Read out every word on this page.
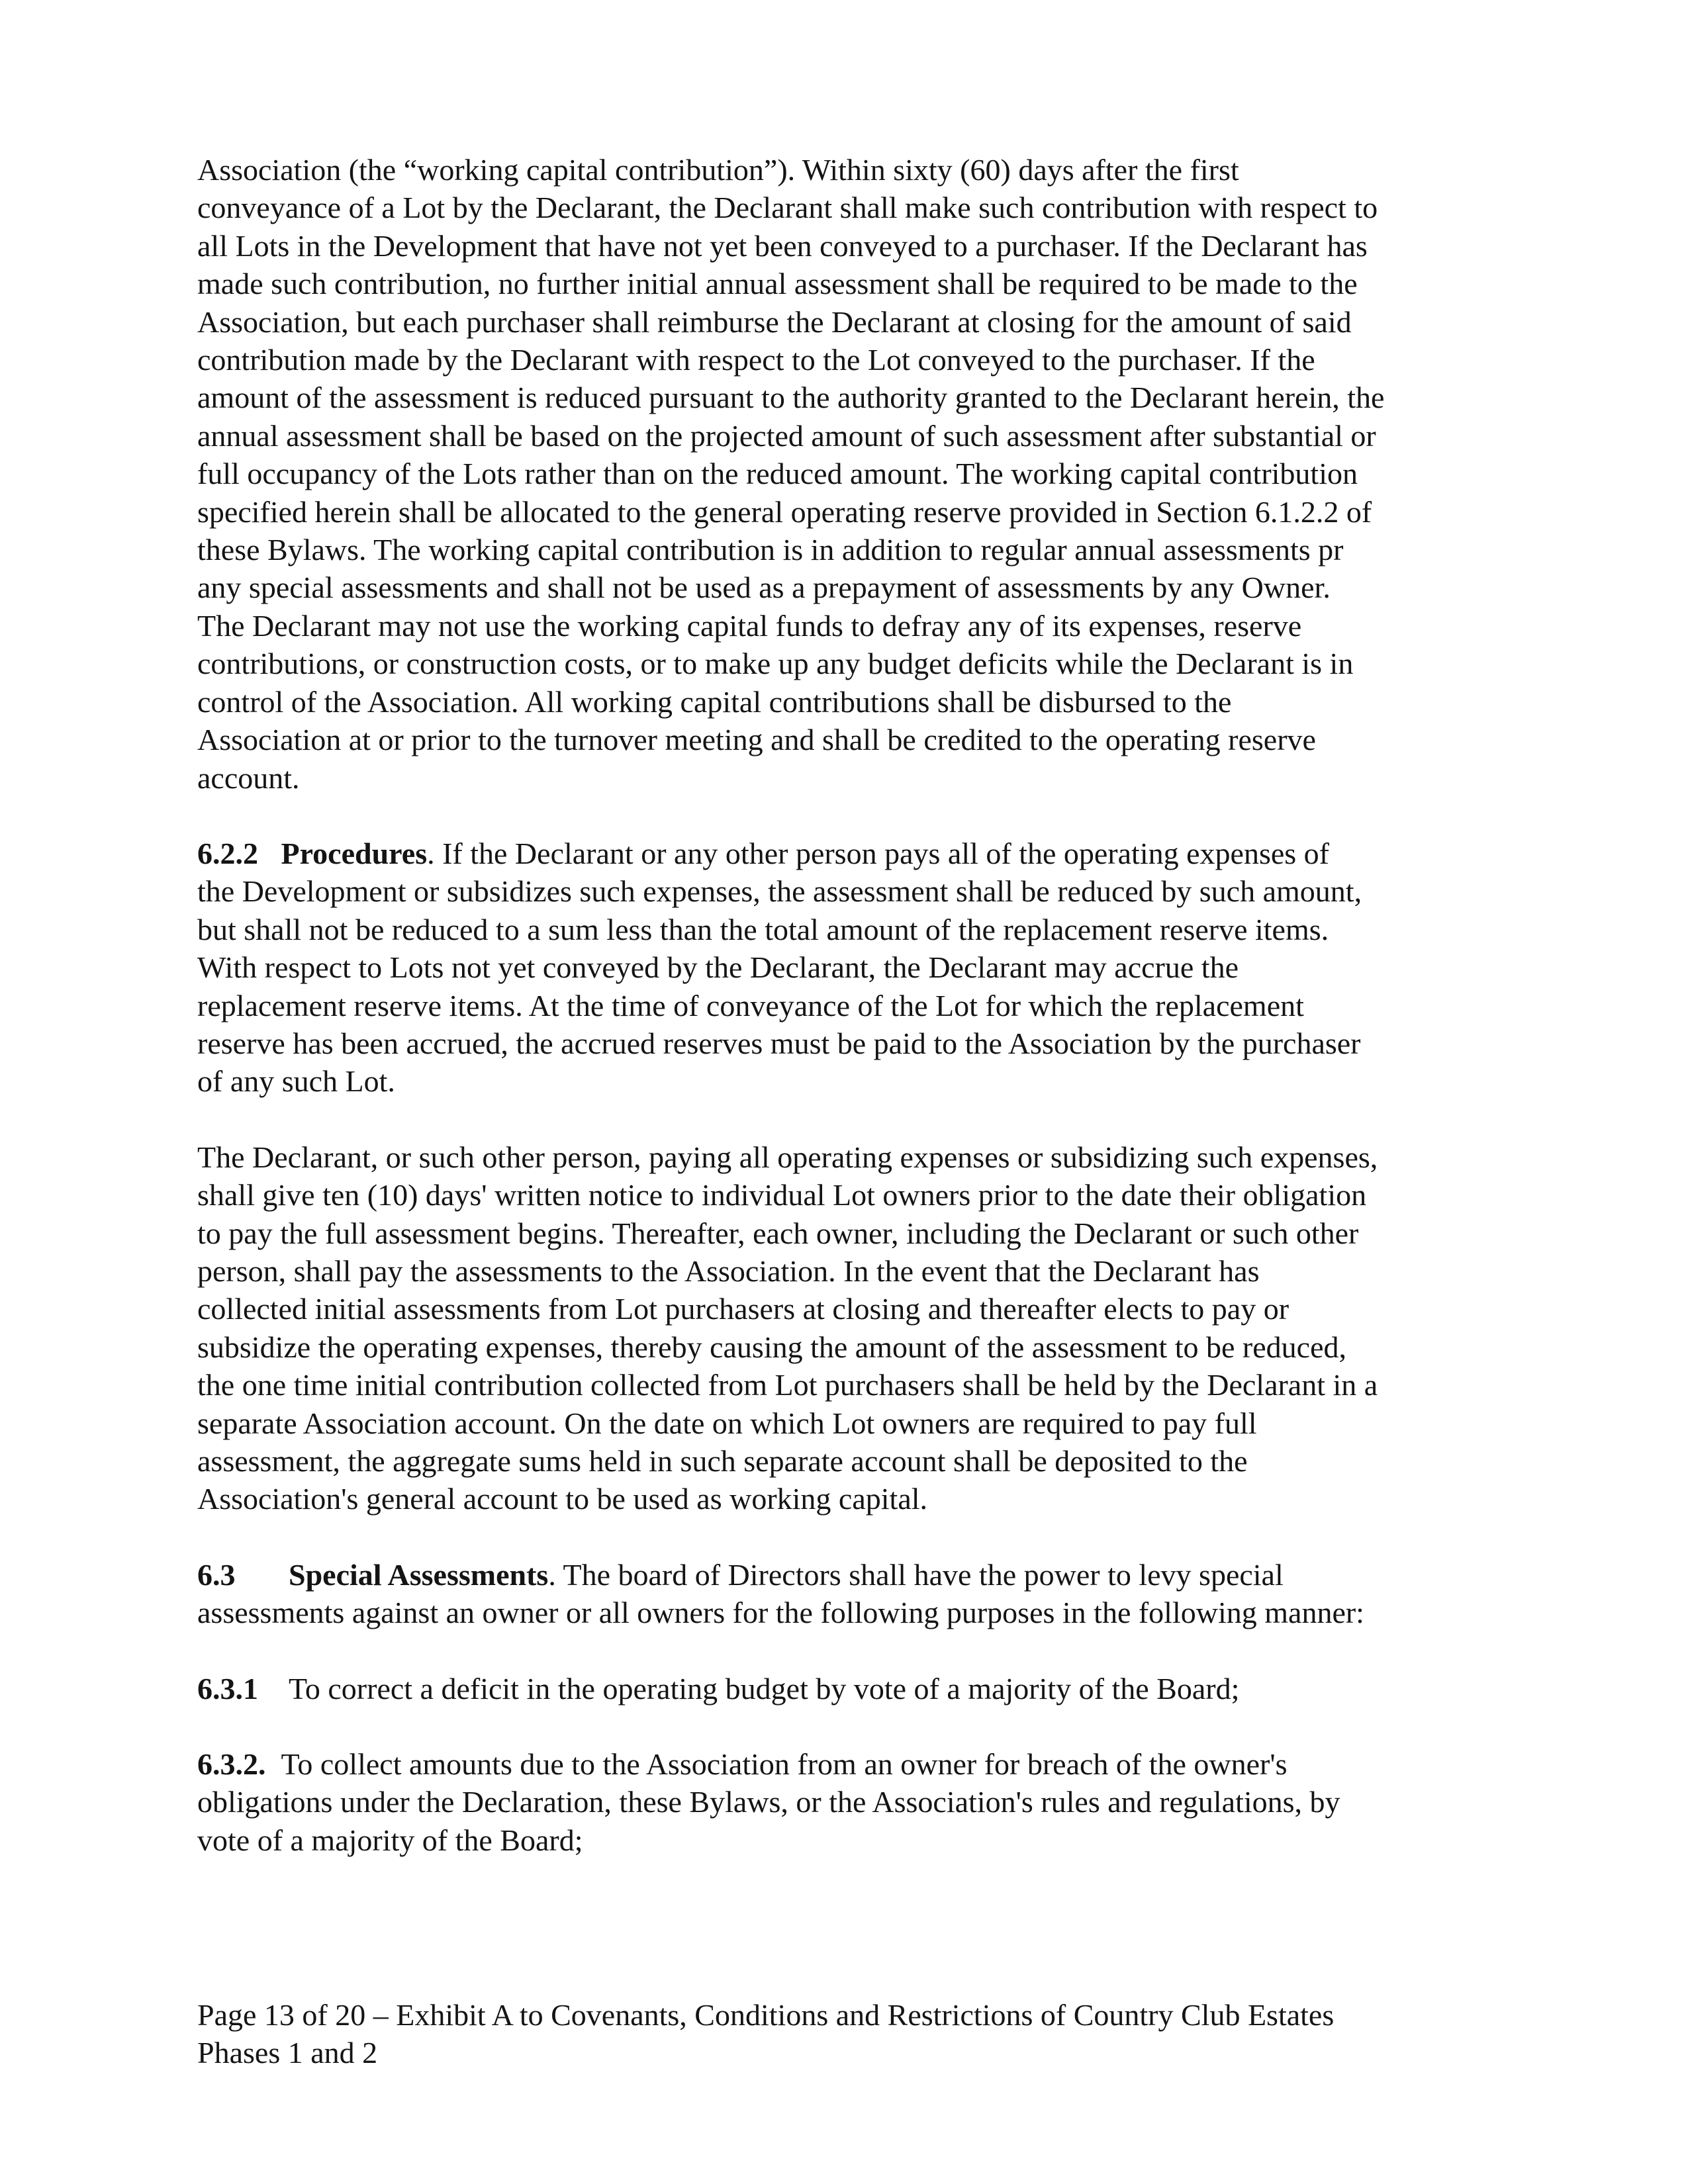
Association (the “working capital contribution”). Within sixty (60) days after the first
conveyance of a Lot by the Declarant, the Declarant shall make such contribution with respect to
all Lots in the Development that have not yet been conveyed to a purchaser. If the Declarant has
made such contribution, no further initial annual assessment shall be required to be made to the
Association, but each purchaser shall reimburse the Declarant at closing for the amount of said
contribution made by the Declarant with respect to the Lot conveyed to the purchaser. If the
amount of the assessment is reduced pursuant to the authority granted to the Declarant herein, the
annual assessment shall be based on the projected amount of such assessment after substantial or
full occupancy of the Lots rather than on the reduced amount. The working capital contribution
specified herein shall be allocated to the general operating reserve provided in Section 6.1.2.2 of
these Bylaws. The working capital contribution is in addition to regular annual assessments pr
any special assessments and shall not be used as a prepayment of assessments by any Owner.
The Declarant may not use the working capital funds to defray any of its expenses, reserve
contributions, or construction costs, or to make up any budget deficits while the Declarant is in
control of the Association. All working capital contributions shall be disbursed to the
Association at or prior to the turnover meeting and shall be credited to the operating reserve
account.

6.2.2 Procedures. If the Declarant or any other person pays all of the operating expenses of
the Development or subsidizes such expenses, the assessment shall be reduced by such amount,
but shall not be reduced to a sum less than the total amount of the replacement reserve items.
With respect to Lots not yet conveyed by the Declarant, the Declarant may accrue the
replacement reserve items. At the time of conveyance of the Lot for which the replacement
reserve has been accrued, the accrued reserves must be paid to the Association by the purchaser
of any such Lot.

The Declarant, or such other person, paying all operating expenses or subsidizing such expenses,
shall give ten (10) days' written notice to individual Lot owners prior to the date their obligation
to pay the full assessment begins. Thereafter, each owner, including the Declarant or such other
person, shall pay the assessments to the Association. In the event that the Declarant has
collected initial assessments from Lot purchasers at closing and thereafter elects to pay or
subsidize the operating expenses, thereby causing the amount of the assessment to be reduced,
the one time initial contribution collected from Lot purchasers shall be held by the Declarant in a
separate Association account. On the date on which Lot owners are required to pay full
assessment, the aggregate sums held in such separate account shall be deposited to the
Association's general account to be used as working capital.

6.3 Special Assessments. The board of Directors shall have the power to levy special
assessments against an owner or all owners for the following purposes in the following manner:

6.3.1 To correct a deficit in the operating budget by vote of a majority of the Board;

6.3.2. To collect amounts due to the Association from an owner for breach of the owner's
obligations under the Declaration, these Bylaws, or the Association's rules and regulations, by
vote of a majority of the Board;

Page 13 of 20 – Exhibit A to Covenants, Conditions and Restrictions of Country Club Estates
Phases 1 and 2
